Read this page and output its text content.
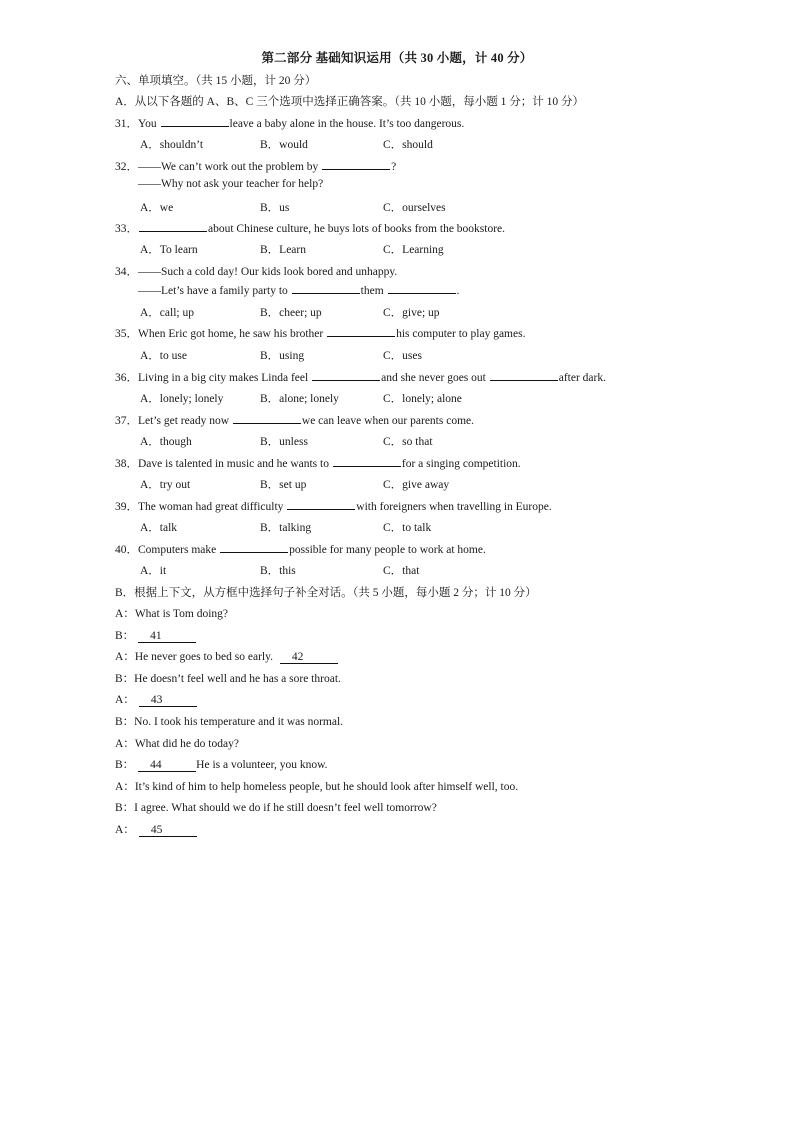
第二部分 基础知识运用（共 30 小题，计 40 分）
六、单项填空。（共 15 小题，计 20 分）
A．从以下各题的 A、B、C 三个选项中选择正确答案。（共 10 小题，每小题 1 分；计 10 分）
31．You	leave a baby alone in the house. It’s too dangerous.
A．shouldn’t	B．would	C．should
32．——We can’t work out the problem by	?
——Why not ask your teacher for help?
A．we	B．us	C．ourselves
33．	about Chinese culture, he buys lots of books from the bookstore.
A．To learn	B．Learn	C．Learning
34．——Such a cold day! Our kids look bored and unhappy.
——Let’s have a family party to	them	.
A．call; up	B．cheer; up	C．give; up
35．When Eric got home, he saw his brother	his computer to play games.
A．to use	B．using	C．uses
36．Living in a big city makes Linda feel	and she never goes out	after dark.
A．lonely; lonely	B．alone; lonely	C．lonely; alone
37．Let’s get ready now	we can leave when our parents come.
A．though	B．unless	C．so that
38．Dave is talented in music and he wants to	for a singing competition.
A．try out	B．set up	C．give away
39．The woman had great difficulty	with foreigners when travelling in Europe.
A．talk	B．talking	C．to talk
40．Computers make	possible for many people to work at home.
A．it	B．this	C．that
B．根据上下文，从方框中选择句子补全对话。（共 5 小题，每小题 2 分；计 10 分）
A：What is Tom doing?
B： 41
A：He never goes to bed so early. 42
B：He doesn’t feel well and he has a sore throat.
A： 43
B：No. I took his temperature and it was normal.
A：What did he do today?
B： 44	He is a volunteer, you know.
A：It’s kind of him to help homeless people, but he should look after himself well, too.
B：I agree. What should we do if he still doesn’t feel well tomorrow?
A： 45
